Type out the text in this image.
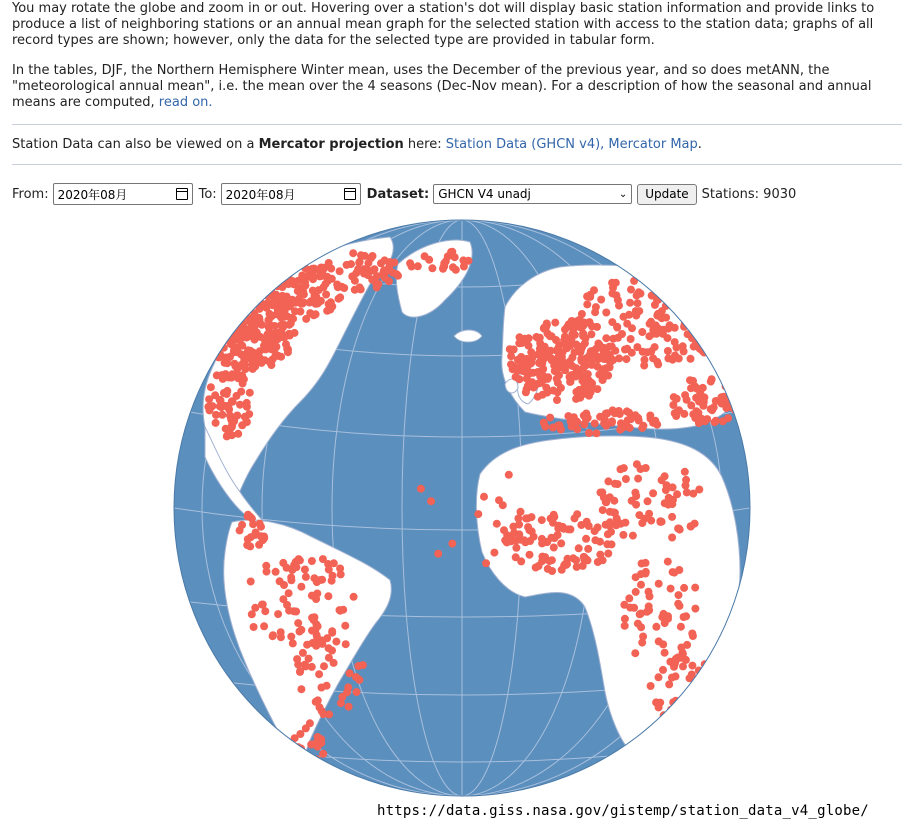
You may rotate the globe and zoom in or out. Hovering over a station's dot will display basic station information and provide links to produce a list of neighboring stations or an annual mean graph for the selected station with access to the station data; graphs of all record types are shown; however, only the data for the selected type are provided in tabular form.

In the tables, DJF, the Northern Hemisphere Winter mean, uses the December of the previous year, and so does metANN, the "meteorological annual mean", i.e. the mean over the 4 seasons (Dec-Nov mean). For a description of how the seasonal and annual means are computed, read on.

Station Data can also be viewed on a Mercator projection here: Station Data (GHCN v4), Mercator Map.
From: 2020年08月	To: 2020年08月	Dataset: GHCN V4 unadj	⌄	Update	Stations: 9030
https://data.giss.nasa.gov/gistemp/station_data_v4_globe/
